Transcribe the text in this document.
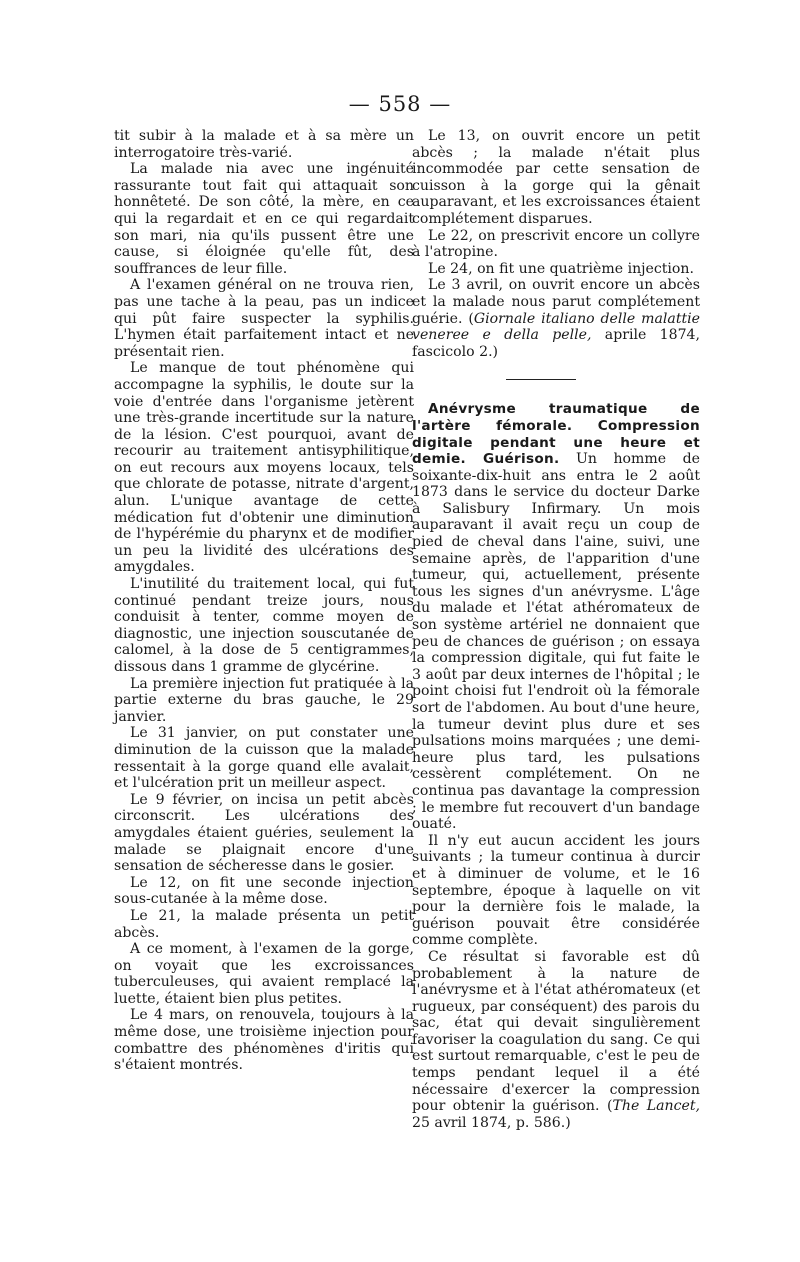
— 558 —

tit subir à la malade et à sa mère un interrogatoire très-varié.

La malade nia avec une ingénuité rassurante tout fait qui attaquait son honnêteté. De son côté, la mère, en ce qui la regardait et en ce qui regardait son mari, nia qu'ils pussent être une cause, si éloignée qu'elle fût, des souffrances de leur fille.

A l'examen général on ne trouva rien, pas une tache à la peau, pas un indice qui pût faire suspecter la syphilis. L'hymen était parfaitement intact et ne présentait rien.

Le manque de tout phénomène qui accompagne la syphilis, le doute sur la voie d'entrée dans l'organisme jetèrent une très-grande incertitude sur la nature de la lésion. C'est pourquoi, avant de recourir au traitement antisyphilitique, on eut recours aux moyens locaux, tels que chlorate de potasse, nitrate d'argent, alun. L'unique avantage de cette médication fut d'obtenir une diminution de l'hypérémie du pharynx et de modifier un peu la lividité des ulcérations des amygdales.

L'inutilité du traitement local, qui fut continué pendant treize jours, nous conduisit à tenter, comme moyen de diagnostic, une injection souscutanée de calomel, à la dose de 5 centigrammes, dissous dans 1 gramme de glycérine.

La première injection fut pratiquée à la partie externe du bras gauche, le 29 janvier.

Le 31 janvier, on put constater une diminution de la cuisson que la malade ressentait à la gorge quand elle avalait, et l'ulcération prit un meilleur aspect.

Le 9 février, on incisa un petit abcès circonscrit. Les ulcérations des amygdales étaient guéries, seulement la malade se plaignait encore d'une sensation de sécheresse dans le gosier.

Le 12, on fit une seconde injection sous-cutanée à la même dose.

Le 21, la malade présenta un petit abcès.

A ce moment, à l'examen de la gorge, on voyait que les excroissances tuberculeuses, qui avaient remplacé la luette, étaient bien plus petites.

Le 4 mars, on renouvela, toujours à la même dose, une troisième injection pour combattre des phénomènes d'iritis qui s'étaient montrés.

Le 13, on ouvrit encore un petit abcès ; la malade n'était plus incommodée par cette sensation de cuisson à la gorge qui la gênait auparavant, et les excroissances étaient complétement disparues.

Le 22, on prescrivit encore un collyre à l'atropine.

Le 24, on fit une quatrième injection.

Le 3 avril, on ouvrit encore un abcès et la malade nous parut complétement guérie. (Giornale italiano delle malattie veneree e della pelle, aprile 1874, fascicolo 2.)

Anévrysme traumatique de l'artère fémorale. Compression digitale pendant une heure et demie. Guérison. Un homme de soixante-dix-huit ans entra le 2 août 1873 dans le service du docteur Darke à Salisbury Infirmary. Un mois auparavant il avait reçu un coup de pied de cheval dans l'aine, suivi, une semaine après, de l'apparition d'une tumeur, qui, actuellement, présente tous les signes d'un anévrysme. L'âge du malade et l'état athéromateux de son système artériel ne donnaient que peu de chances de guérison ; on essaya la compression digitale, qui fut faite le 3 août par deux internes de l'hôpital ; le point choisi fut l'endroit où la fémorale sort de l'abdomen. Au bout d'une heure, la tumeur devint plus dure et ses pulsations moins marquées ; une demi-heure plus tard, les pulsations cessèrent complétement. On ne continua pas davantage la compression ; le membre fut recouvert d'un bandage ouaté.

Il n'y eut aucun accident les jours suivants ; la tumeur continua à durcir et à diminuer de volume, et le 16 septembre, époque à laquelle on vit pour la dernière fois le malade, la guérison pouvait être considérée comme complète.

Ce résultat si favorable est dû probablement à la nature de l'anévrysme et à l'état athéromateux (et rugueux, par conséquent) des parois du sac, état qui devait singulièrement favoriser la coagulation du sang. Ce qui est surtout remarquable, c'est le peu de temps pendant lequel il a été nécessaire d'exercer la compression pour obtenir la guérison. (The Lancet, 25 avril 1874, p. 586.)
